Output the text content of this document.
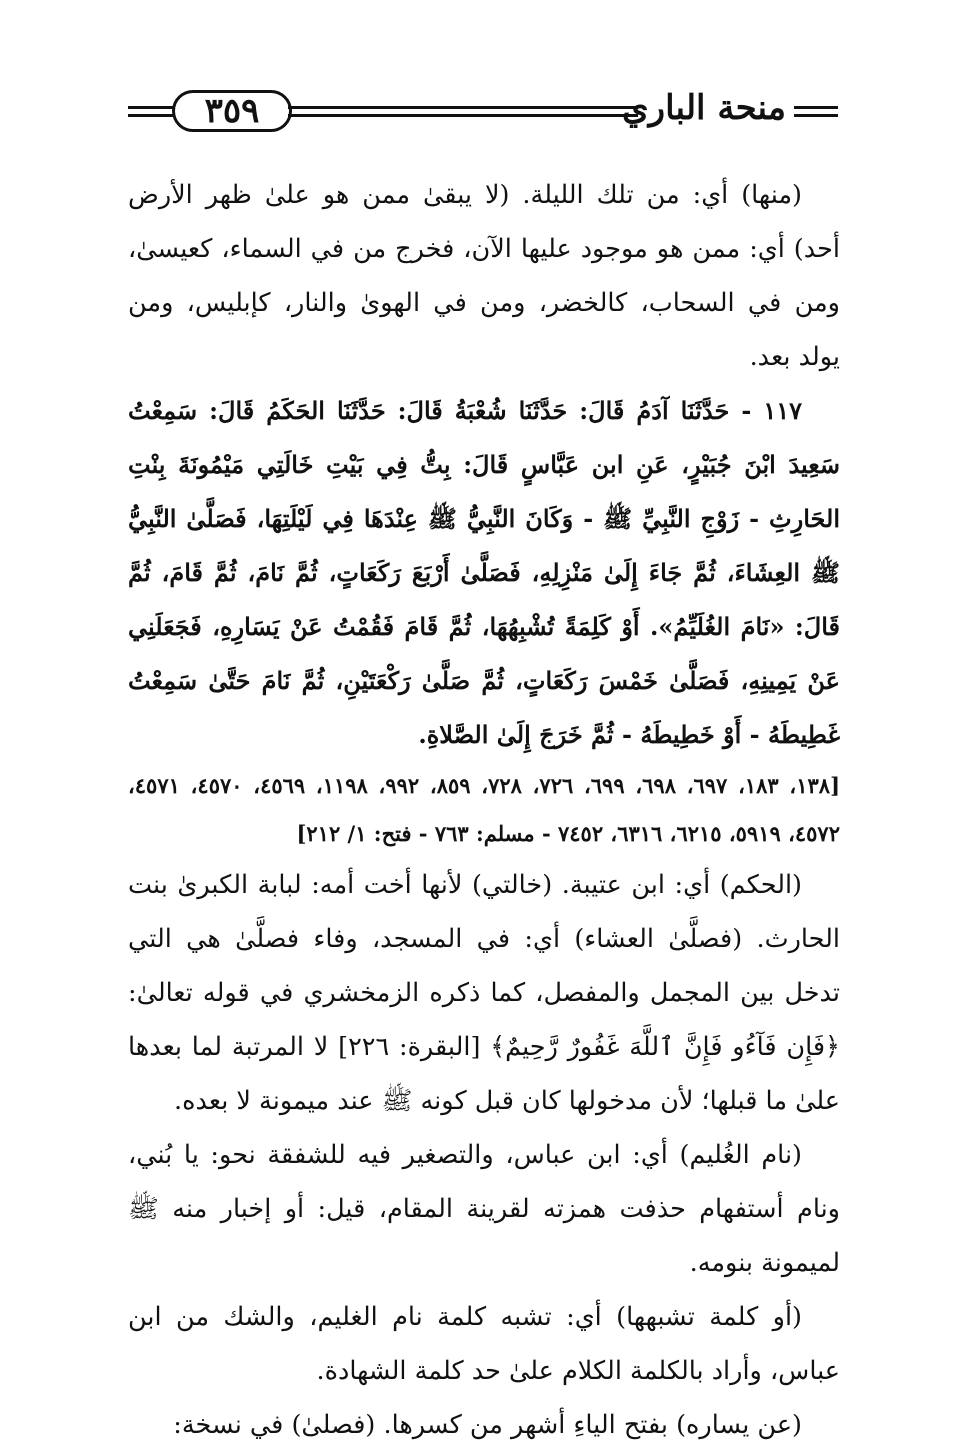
٣٥٩	منحة الباري

(منها) أي: من تلك الليلة. (لا يبقىٰ ممن هو علىٰ ظهر الأرض أحد) أي: ممن هو موجود عليها الآن، فخرج من في السماء، كعيسىٰ، ومن في السحاب، كالخضر، ومن في الهوىٰ والنار، كإبليس، ومن يولد بعد.

١١٧ - حَدَّثَنَا آدَمُ قَالَ: حَدَّثَنَا شُعْبَةُ قَالَ: حَدَّثَنَا الحَكَمُ قَالَ: سَمِعْتُ سَعِيدَ ابْنَ جُبَيْرٍ، عَنِ ابن عَبَّاسٍ قَالَ: بِتُّ فِي بَيْتِ خَالَتِي مَيْمُونَةَ بِنْتِ الحَارِثِ - زَوْجِ النَّبِيِّ ﷺ - وَكَانَ النَّبِيُّ ﷺ عِنْدَهَا فِي لَيْلَتِهَا، فَصَلَّىٰ النَّبِيُّ ﷺ العِشَاءَ، ثُمَّ جَاءَ إِلَىٰ مَنْزِلِهِ، فَصَلَّىٰ أَرْبَعَ رَكَعَاتٍ، ثُمَّ نَامَ، ثُمَّ قَامَ، ثُمَّ قَالَ: «نَامَ الغُلَيِّمُ». أَوْ كَلِمَةً تُشْبِهُهَا، ثُمَّ قَامَ فَقُمْتُ عَنْ يَسَارِهِ، فَجَعَلَنِي عَنْ يَمِينِهِ، فَصَلَّىٰ خَمْسَ رَكَعَاتٍ، ثُمَّ صَلَّىٰ رَكْعَتَيْنِ، ثُمَّ نَامَ حَتَّىٰ سَمِعْتُ غَطِيطَهُ - أَوْ خَطِيطَهُ - ثُمَّ خَرَجَ إِلَىٰ الصَّلاةِ.

[١٣٨، ١٨٣، ٦٩٧، ٦٩٨، ٦٩٩، ٧٢٦، ٧٢٨، ٨٥٩، ٩٩٢، ١١٩٨، ٤٥٦٩، ٤٥٧٠، ٤٥٧١، ٤٥٧٢، ٥٩١٩، ٦٢١٥، ٦٣١٦، ٧٤٥٢ - مسلم: ٧٦٣ - فتح: ١/ ٢١٢]

(الحكم) أي: ابن عتيبة. (خالتي) لأنها أخت أمه: لبابة الكبرىٰ بنت الحارث. (فصلَّىٰ العشاء) أي: في المسجد، وفاء فصلَّىٰ هي التي تدخل بين المجمل والمفصل، كما ذكره الزمخشري في قوله تعالىٰ: ﴿فَإِن فَآءُو فَإِنَّ ٱللَّهَ غَفُورٌ رَّحِيمٌ﴾ [البقرة: ٢٢٦] لا المرتبة لما بعدها علىٰ ما قبلها؛ لأن مدخولها كان قبل كونه ﷺ عند ميمونة لا بعده.

(نام الغُليم) أي: ابن عباس، والتصغير فيه للشفقة نحو: يا بُني، ونام أستفهام حذفت همزته لقرينة المقام، قيل: أو إخبار منه ﷺ لميمونة بنومه.

(أو كلمة تشبهها) أي: تشبه كلمة نام الغليم، والشك من ابن عباس، وأراد بالكلمة الكلام علىٰ حد كلمة الشهادة.

(عن يساره) بفتح الياءِ أشهر من كسرها. (فصلىٰ) في نسخة:
